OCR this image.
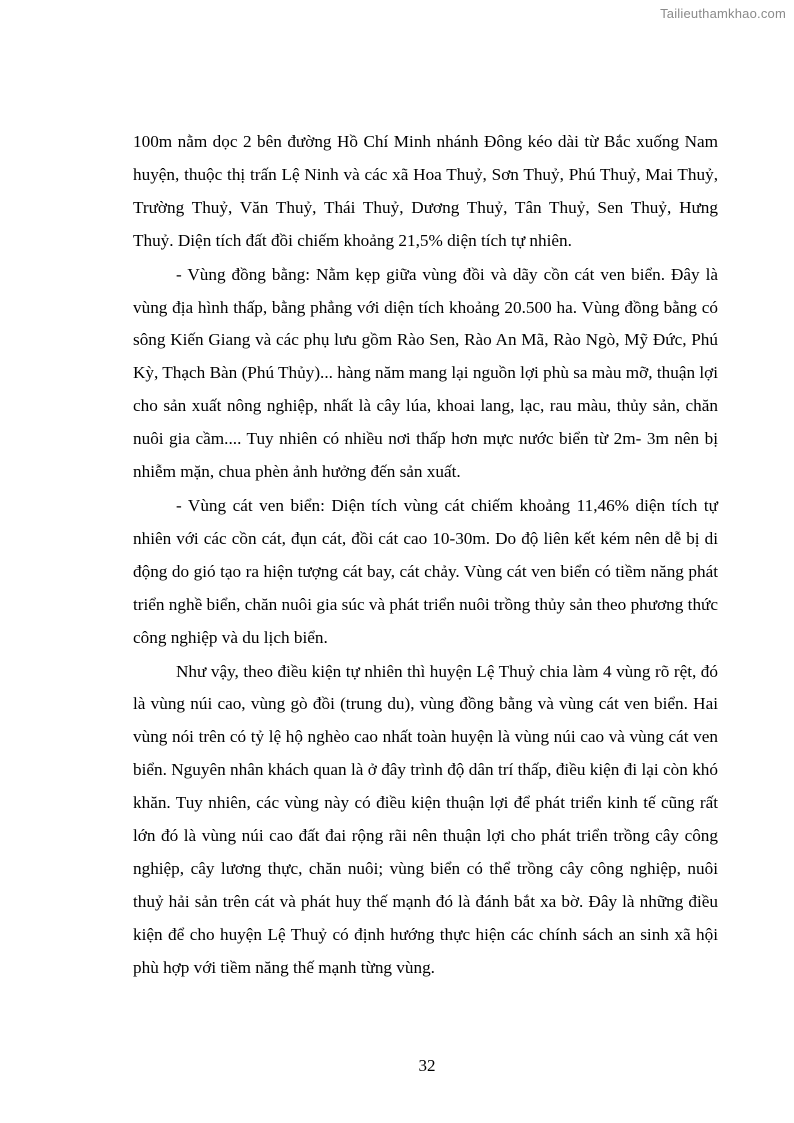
Tailieuthamkhao.com

100m nằm dọc 2 bên đường Hồ Chí Minh nhánh Đông kéo dài từ Bắc xuống Nam huyện, thuộc thị trấn Lệ Ninh và các xã Hoa Thuỷ, Sơn Thuỷ, Phú Thuỷ, Mai Thuỷ, Trường Thuỷ, Văn Thuỷ, Thái Thuỷ, Dương Thuỷ, Tân Thuỷ, Sen Thuỷ, Hưng Thuỷ. Diện tích đất đồi chiếm khoảng 21,5% diện tích tự nhiên.

- Vùng đồng bằng: Nằm kẹp giữa vùng đồi và dãy cồn cát ven biển. Đây là vùng địa hình thấp, bằng phẳng với diện tích khoảng 20.500 ha. Vùng đồng bằng có sông Kiến Giang và các phụ lưu gồm Rào Sen, Rào An Mã, Rào Ngò, Mỹ Đức, Phú Kỳ, Thạch Bàn (Phú Thủy)... hàng năm mang lại nguồn lợi phù sa màu mỡ, thuận lợi cho sản xuất nông nghiệp, nhất là cây lúa, khoai lang, lạc, rau màu, thủy sản, chăn nuôi gia cầm.... Tuy nhiên có nhiều nơi thấp hơn mực nước biển từ 2m- 3m nên bị nhiễm mặn, chua phèn ảnh hưởng đến sản xuất.

- Vùng cát ven biển: Diện tích vùng cát chiếm khoảng 11,46% diện tích tự nhiên với các cồn cát, đụn cát, đồi cát cao 10-30m. Do độ liên kết kém nên dễ bị di động do gió tạo ra hiện tượng cát bay, cát chảy. Vùng cát ven biển có tiềm năng phát triển nghề biển, chăn nuôi gia súc và phát triển nuôi trồng thủy sản theo phương thức công nghiệp và du lịch biển.

Như vậy, theo điều kiện tự nhiên thì huyện Lệ Thuỷ chia làm 4 vùng rõ rệt, đó là vùng núi cao, vùng gò đồi (trung du), vùng đồng bằng và vùng cát ven biển. Hai vùng nói trên có tỷ lệ hộ nghèo cao nhất toàn huyện là vùng núi cao và vùng cát ven biển. Nguyên nhân khách quan là ở đây trình độ dân trí thấp, điều kiện đi lại còn khó khăn. Tuy nhiên, các vùng này có điều kiện thuận lợi để phát triển kinh tế cũng rất lớn đó là vùng núi cao đất đai rộng rãi nên thuận lợi cho phát triển trồng cây công nghiệp, cây lương thực, chăn nuôi; vùng biển có thể trồng cây công nghiệp, nuôi thuỷ hải sản trên cát và phát huy thế mạnh đó là đánh bắt xa bờ. Đây là những điều kiện để cho huyện Lệ Thuỷ có định hướng thực hiện các chính sách an sinh xã hội phù hợp với tiềm năng thế mạnh từng vùng.

32
